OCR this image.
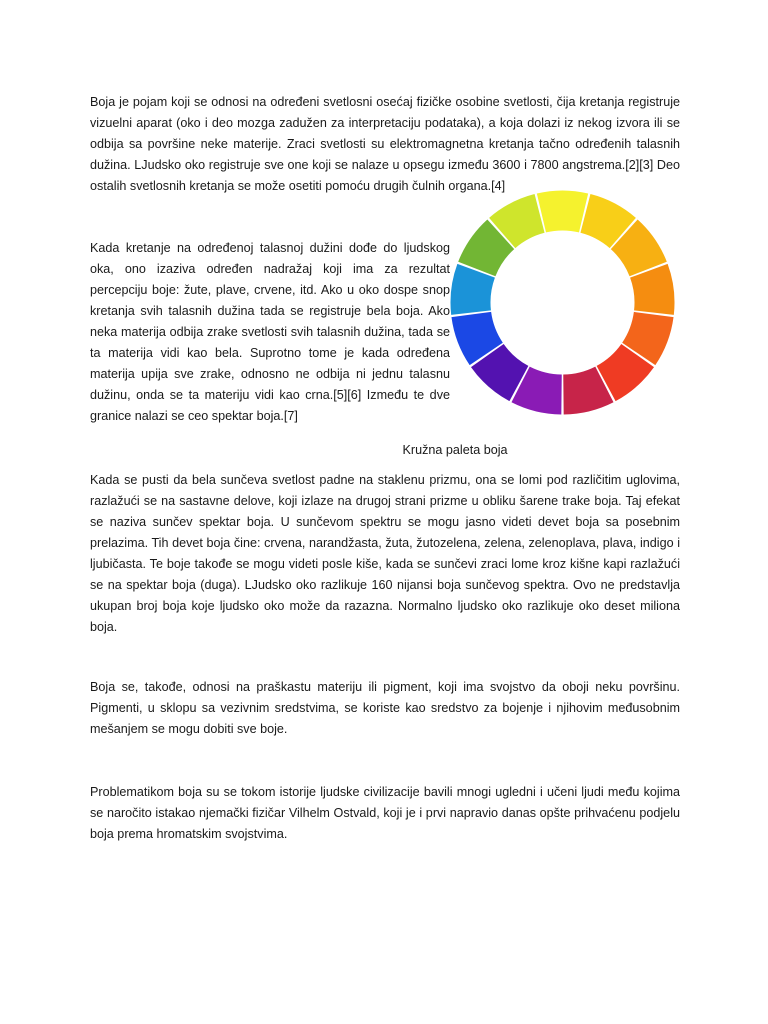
Boja je pojam koji se odnosi na određeni svetlosni osećaj fizičke osobine svetlosti, čija kretanja registruje vizuelni aparat (oko i deo mozga zadužen za interpretaciju podataka), a koja dolazi iz nekog izvora ili se odbija sa površine neke materije. Zraci svetlosti su elektromagnetna kretanja tačno određenih talasnih dužina. LJudsko oko registruje sve one koji se nalaze u opsegu između 3600 i 7800 angstrema.[2][3] Deo ostalih svetlosnih kretanja se može osetiti pomoću drugih čulnih organa.[4]

Kada kretanje na određenoj talasnoj dužini dođe do ljudskog oka, ono izaziva određen nadražaj koji ima za rezultat percepciju boje: žute, plave, crvene, itd. Ako u oko dospe snop kretanja svih talasnih dužina tada se registruje bela boja. Ako neka materija odbija zrake svetlosti svih talasnih dužina, tada se ta materija vidi kao bela. Suprotno tome je kada određena materija upija sve zrake, odnosno ne odbija ni jednu talasnu dužinu, onda se ta materiju vidi kao crna.[5][6] Između te dve granice nalazi se ceo spektar boja.[7]

Kružna paleta boja

Kada se pusti da bela sunčeva svetlost padne na staklenu prizmu, ona se lomi pod različitim uglovima, razlažući se na sastavne delove, koji izlaze na drugoj strani prizme u obliku šarene trake boja. Taj efekat se naziva sunčev spektar boja. U sunčevom spektru se mogu jasno videti devet boja sa posebnim prelazima. Tih devet boja čine: crvena, narandžasta, žuta, žutozelena, zelena, zelenoplava, plava, indigo i ljubičasta. Te boje takođe se mogu videti posle kiše, kada se sunčevi zraci lome kroz kišne kapi razlažući se na spektar boja (duga). LJudsko oko razlikuje 160 nijansi boja sunčevog spektra. Ovo ne predstavlja ukupan broj boja koje ljudsko oko može da razazna. Normalno ljudsko oko razlikuje oko deset miliona boja.

Boja se, takođe, odnosi na praškastu materiju ili pigment, koji ima svojstvo da oboji neku površinu. Pigmenti, u sklopu sa vezivnim sredstvima, se koriste kao sredstvo za bojenje i njihovim međusobnim mešanjem se mogu dobiti sve boje.

Problematikom boja su se tokom istorije ljudske civilizacije bavili mnogi ugledni i učeni ljudi među kojima se naročito istakao njemački fizičar Vilhelm Ostvald, koji je i prvi napravio danas opšte prihvaćenu podjelu boja prema hromatskim svojstvima.
